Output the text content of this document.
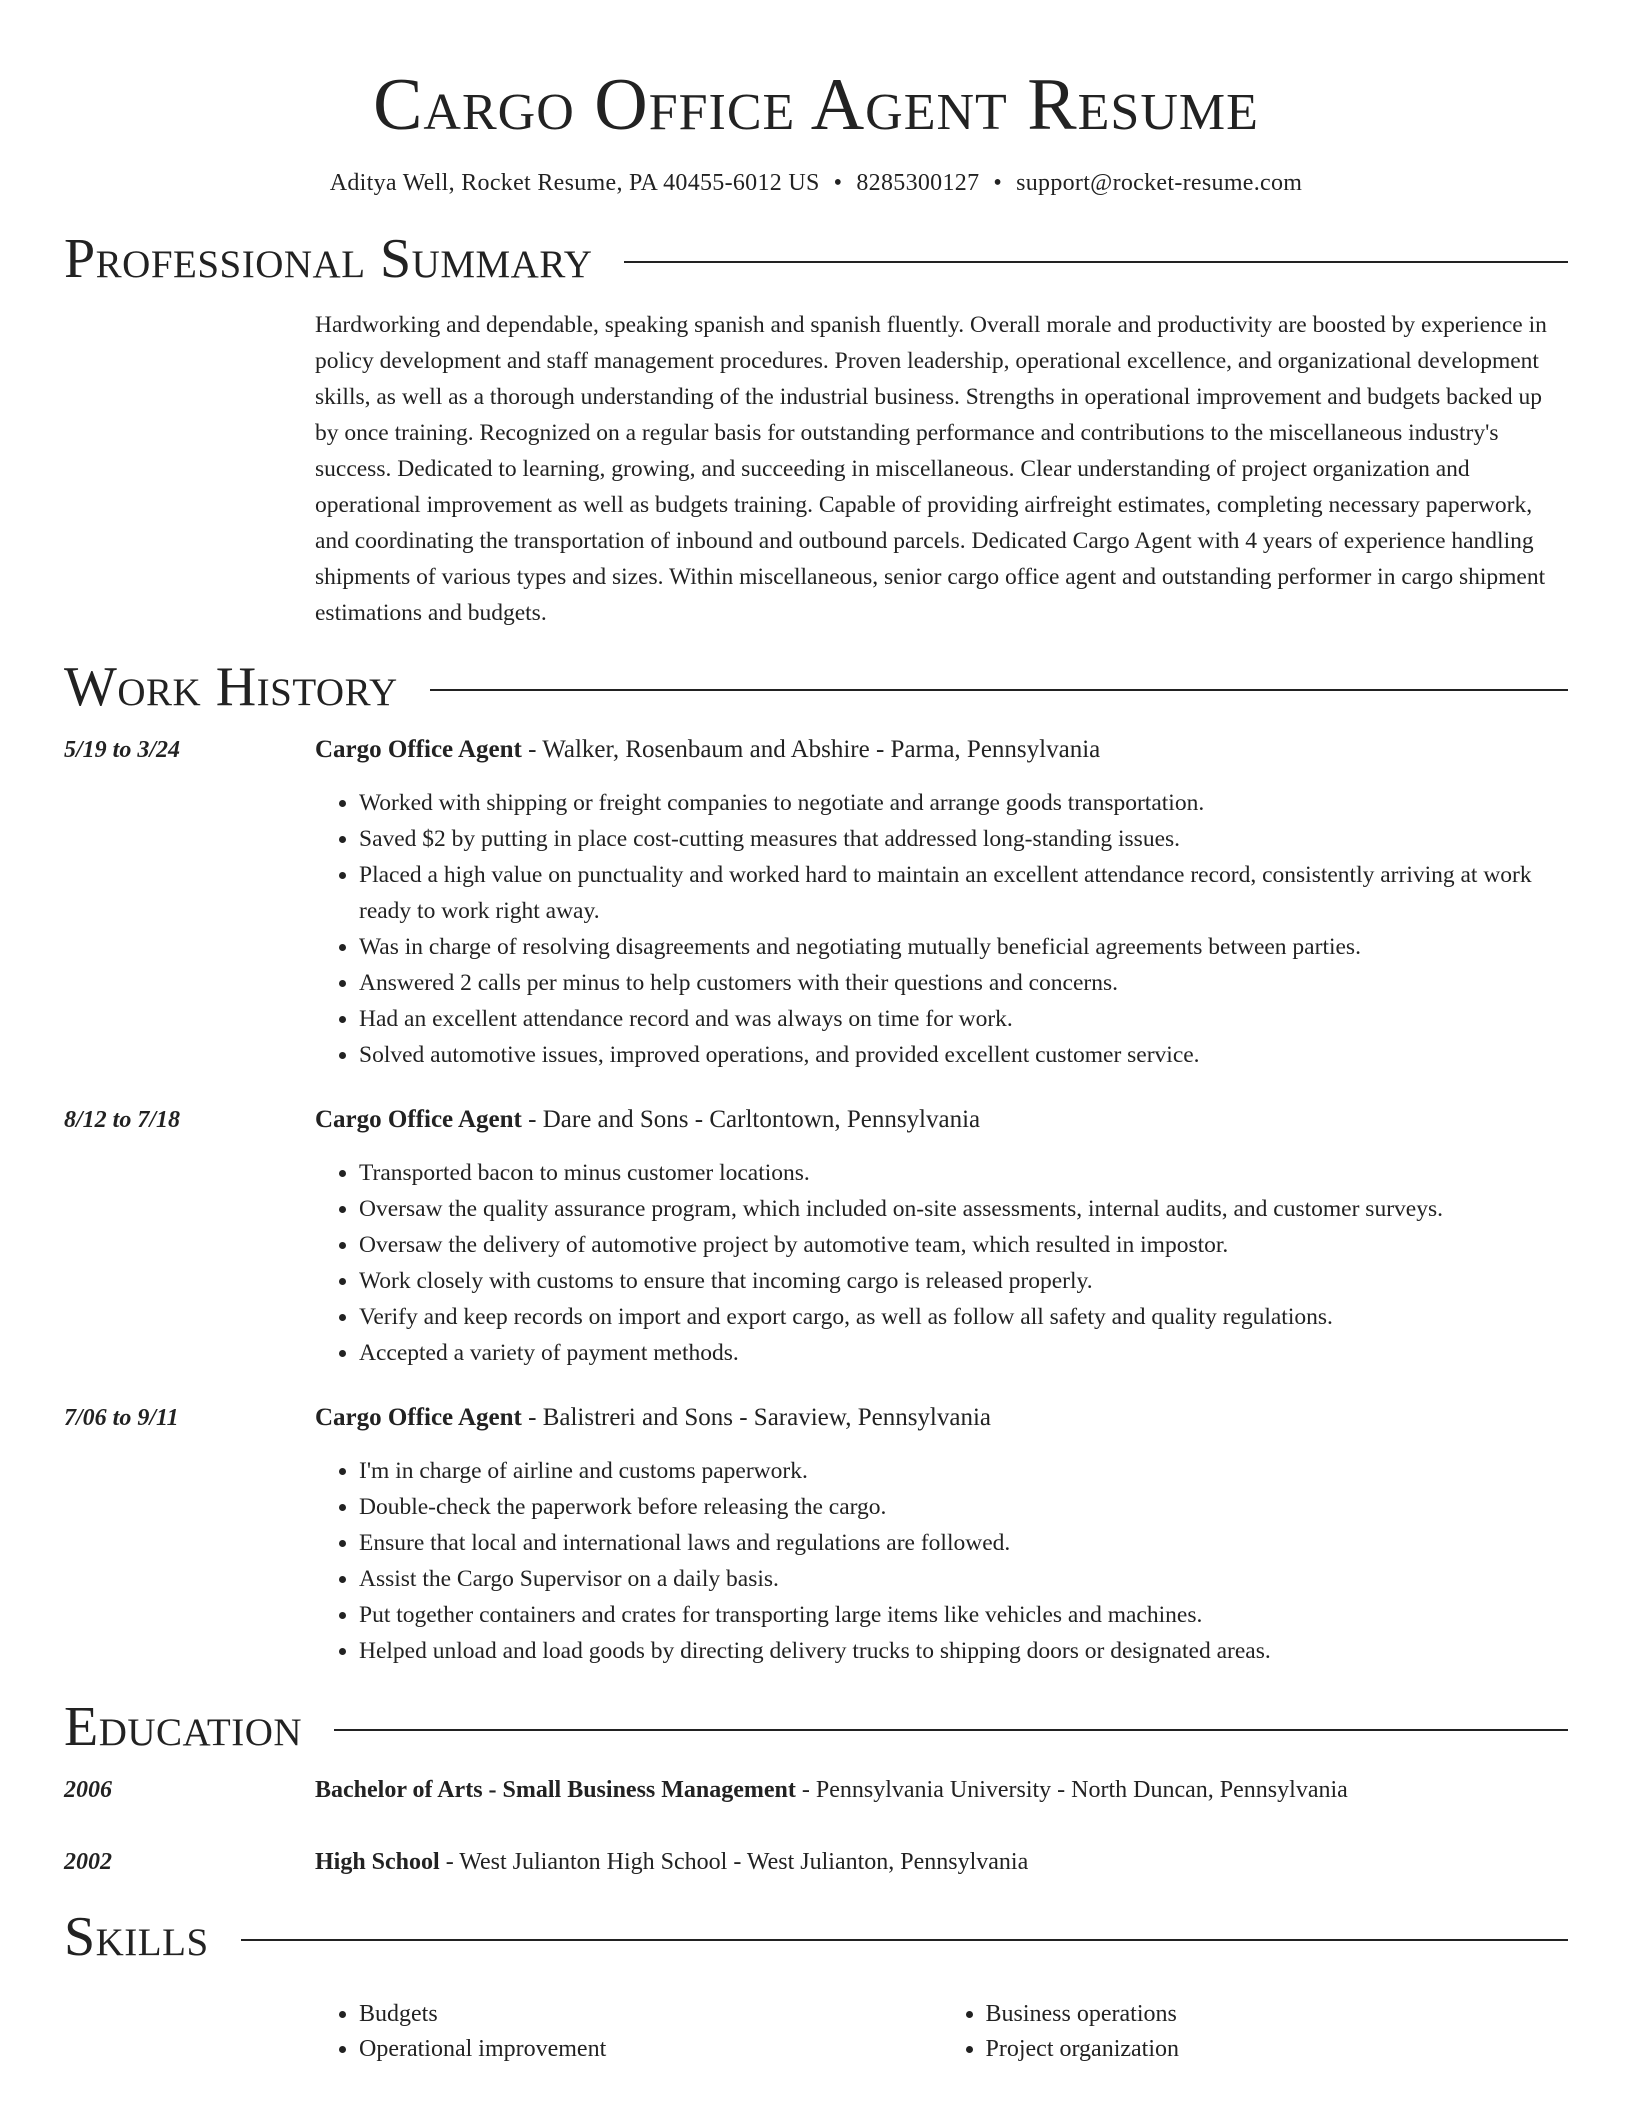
Cargo Office Agent Resume
Aditya Well, Rocket Resume, PA 40455-6012 US • 8285300127 • support@rocket-resume.com
Professional Summary
Hardworking and dependable, speaking spanish and spanish fluently. Overall morale and productivity are boosted by experience in policy development and staff management procedures. Proven leadership, operational excellence, and organizational development skills, as well as a thorough understanding of the industrial business. Strengths in operational improvement and budgets backed up by once training. Recognized on a regular basis for outstanding performance and contributions to the miscellaneous industry's success. Dedicated to learning, growing, and succeeding in miscellaneous. Clear understanding of project organization and operational improvement as well as budgets training. Capable of providing airfreight estimates, completing necessary paperwork, and coordinating the transportation of inbound and outbound parcels. Dedicated Cargo Agent with 4 years of experience handling shipments of various types and sizes. Within miscellaneous, senior cargo office agent and outstanding performer in cargo shipment estimations and budgets.
Work History
5/19 to 3/24	Cargo Office Agent - Walker, Rosenbaum and Abshire - Parma, Pennsylvania
• Worked with shipping or freight companies to negotiate and arrange goods transportation.
• Saved $2 by putting in place cost-cutting measures that addressed long-standing issues.
• Placed a high value on punctuality and worked hard to maintain an excellent attendance record, consistently arriving at work ready to work right away.
• Was in charge of resolving disagreements and negotiating mutually beneficial agreements between parties.
• Answered 2 calls per minus to help customers with their questions and concerns.
• Had an excellent attendance record and was always on time for work.
• Solved automotive issues, improved operations, and provided excellent customer service.
8/12 to 7/18	Cargo Office Agent - Dare and Sons - Carltontown, Pennsylvania
• Transported bacon to minus customer locations.
• Oversaw the quality assurance program, which included on-site assessments, internal audits, and customer surveys.
• Oversaw the delivery of automotive project by automotive team, which resulted in impostor.
• Work closely with customs to ensure that incoming cargo is released properly.
• Verify and keep records on import and export cargo, as well as follow all safety and quality regulations.
• Accepted a variety of payment methods.
7/06 to 9/11	Cargo Office Agent - Balistreri and Sons - Saraview, Pennsylvania
• I'm in charge of airline and customs paperwork.
• Double-check the paperwork before releasing the cargo.
• Ensure that local and international laws and regulations are followed.
• Assist the Cargo Supervisor on a daily basis.
• Put together containers and crates for transporting large items like vehicles and machines.
• Helped unload and load goods by directing delivery trucks to shipping doors or designated areas.
Education
2006	Bachelor of Arts - Small Business Management - Pennsylvania University - North Duncan, Pennsylvania
2002	High School - West Julianton High School - West Julianton, Pennsylvania
Skills
• Budgets
• Operational improvement
• Business operations
• Project organization
